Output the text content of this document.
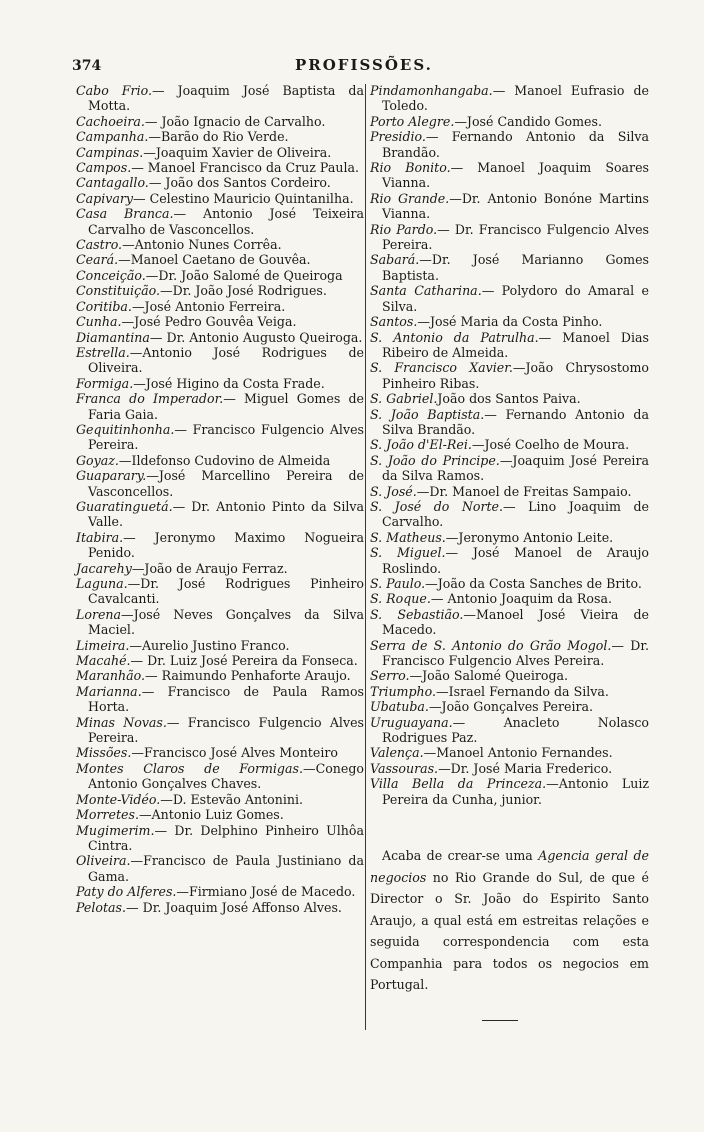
374	PROFISSÕES.

Cabo Frio.— Joaquim José Baptista da Motta.

Cachoeira.— João Ignacio de Carvalho.

Campanha.—Barão do Rio Verde.

Campinas.—Joaquim Xavier de Oliveira.

Campos.— Manoel Francisco da Cruz Paula.

Cantagallo.— João dos Santos Cordeiro.

Capivary— Celestino Mauricio Quintanilha.

Casa Branca.— Antonio José Teixeira Carvalho de Vasconcellos.

Castro.—Antonio Nunes Corrêa.

Ceará.—Manoel Caetano de Gouvêa.

Conceição.—Dr. João Salomé de Queiroga

Constituição.—Dr. João José Rodrigues.

Coritiba.—José Antonio Ferreira.

Cunha.—José Pedro Gouvêa Veiga.

Diamantina— Dr. Antonio Augusto Queiroga.

Estrella.—Antonio José Rodrigues de Oliveira.

Formiga.—José Higino da Costa Frade.

Franca do Imperador.— Miguel Gomes de Faria Gaia.

Gequitinhonha.— Francisco Fulgencio Alves Pereira.

Goyaz.—Ildefonso Cudovino de Almeida

Guaparary.—José Marcellino Pereira de Vasconcellos.

Guaratinguetá.— Dr. Antonio Pinto da Silva Valle.

Itabira.— Jeronymo Maximo Nogueira Penido.

Jacarehy—João de Araujo Ferraz.

Laguna.—Dr. José Rodrigues Pinheiro Cavalcanti.

Lorena—José Neves Gonçalves da Silva Maciel.

Limeira.—Aurelio Justino Franco.

Macahé.— Dr. Luiz José Pereira da Fonseca.

Maranhão.— Raimundo Penhaforte Araujo.

Marianna.— Francisco de Paula Ramos Horta.

Minas Novas.— Francisco Fulgencio Alves Pereira.

Missões.—Francisco José Alves Monteiro

Montes Claros de Formigas.—Conego Antonio Gonçalves Chaves.

Monte-Vidéo.—D. Estevão Antonini.

Morretes.—Antonio Luiz Gomes.

Mugimerim.— Dr. Delphino Pinheiro Ulhôa Cintra.

Oliveira.—Francisco de Paula Justiniano da Gama.

Paty do Alferes.—Firmiano José de Macedo.

Pelotas.— Dr. Joaquim José Affonso Alves.

Pindamonhangaba.— Manoel Eufrasio de Toledo.

Porto Alegre.—José Candido Gomes.

Presidio.— Fernando Antonio da Silva Brandão.

Rio Bonito.— Manoel Joaquim Soares Vianna.

Rio Grande.—Dr. Antonio Bonóne Martins Vianna.

Rio Pardo.— Dr. Francisco Fulgencio Alves Pereira.

Sabará.—Dr. José Marianno Gomes Baptista.

Santa Catharina.— Polydoro do Amaral e Silva.

Santos.—José Maria da Costa Pinho.

S. Antonio da Patrulha.— Manoel Dias Ribeiro de Almeida.

S. Francisco Xavier.—João Chrysostomo Pinheiro Ribas.

S. Gabriel.João dos Santos Paiva.

S. João Baptista.— Fernando Antonio da Silva Brandão.

S. João d'El-Rei.—José Coelho de Moura.

S. João do Principe.—Joaquim José Pereira da Silva Ramos.

S. José.—Dr. Manoel de Freitas Sampaio.

S. José do Norte.— Lino Joaquim de Carvalho.

S. Matheus.—Jeronymo Antonio Leite.

S. Miguel.— José Manoel de Araujo Roslindo.

S. Paulo.—João da Costa Sanches de Brito.

S. Roque.— Antonio Joaquim da Rosa.

S. Sebastião.—Manoel José Vieira de Macedo.

Serra de S. Antonio do Grão Mogol.— Dr. Francisco Fulgencio Alves Pereira.

Serro.—João Salomé Queiroga.

Triumpho.—Israel Fernando da Silva.

Ubatuba.—João Gonçalves Pereira.

Uruguayana.— Anacleto Nolasco Rodrigues Paz.

Valença.—Manoel Antonio Fernandes.

Vassouras.—Dr. José Maria Frederico.

Villa Bella da Princeza.—Antonio Luiz Pereira da Cunha, junior.

Acaba de crear-se uma Agencia geral de negocios no Rio Grande do Sul, de que é Director o Sr. João do Espirito Santo Araujo, a qual está em estreitas relações e seguida correspondencia com esta Companhia para todos os negocios em Portugal.
